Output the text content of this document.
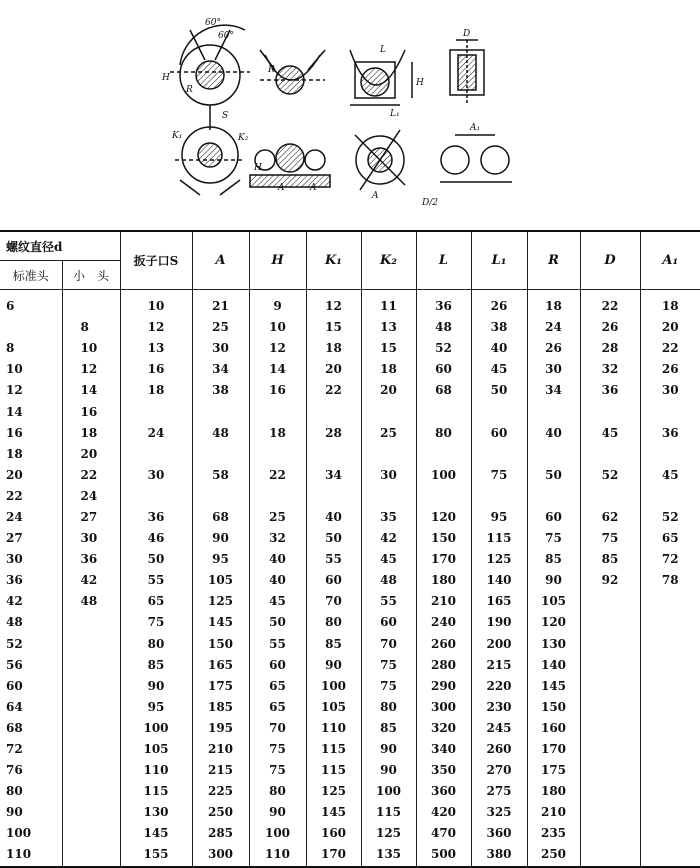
60°
60°
H
R
S
R
L
H
D
K₁	K₂
H
A	A
A
L₁
A₁
D/2
螺纹直径d		扳子口S	A	H	K₁	K₂	L	L₁	R	D	A₁
标准头	小　头										
6		10	21	9	12	11	36	26	18	22	18
	8	12	25	10	15	13	48	38	24	26	20
8	10	13	30	12	18	15	52	40	26	28	22
10	12	16	34	14	20	18	60	45	30	32	26
12	14	18	38	16	22	20	68	50	34	36	30
14	16										
16	18	24	48	18	28	25	80	60	40	45	36
18	20										
20	22	30	58	22	34	30	100	75	50	52	45
22	24										
24	27	36	68	25	40	35	120	95	60	62	52
27	30	46	90	32	50	42	150	115	75	75	65
30	36	50	95	40	55	45	170	125	85	85	72
36	42	55	105	40	60	48	180	140	90	92	78
42	48	65	125	45	70	55	210	165	105		
48		75	145	50	80	60	240	190	120		
52		80	150	55	85	70	260	200	130		
56		85	165	60	90	75	280	215	140		
60		90	175	65	100	75	290	220	145		
64		95	185	65	105	80	300	230	150		
68		100	195	70	110	85	320	245	160		
72		105	210	75	115	90	340	260	170		
76		110	215	75	115	90	350	270	175		
80		115	225	80	125	100	360	275	180		
90		130	250	90	145	115	420	325	210		
100		145	285	100	160	125	470	360	235		
110		155	300	110	170	135	500	380	250		
